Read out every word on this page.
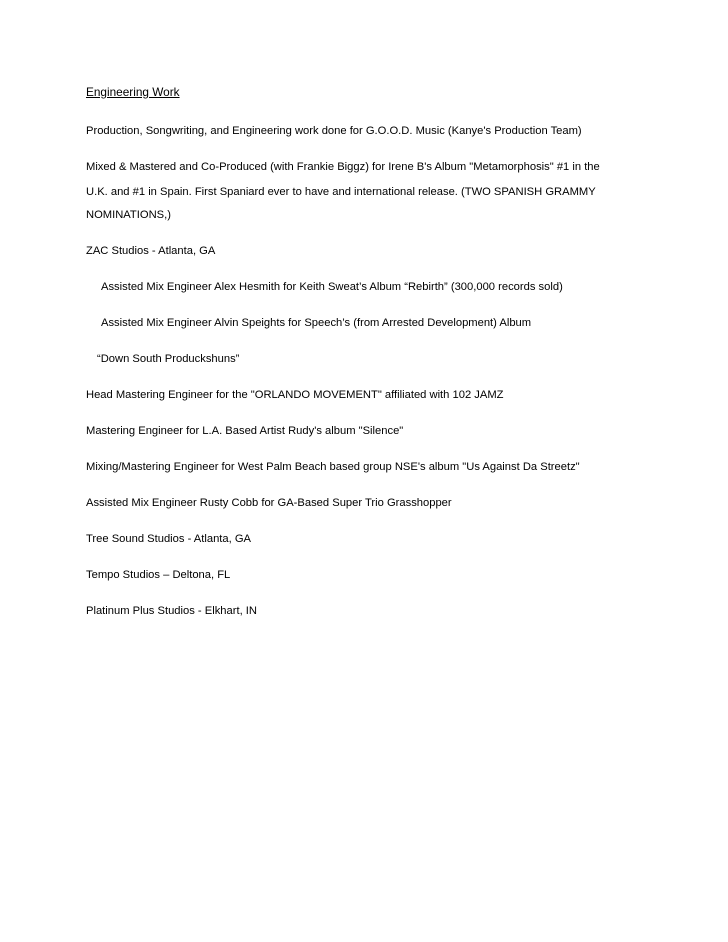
Engineering Work
Production, Songwriting, and Engineering work done for G.O.O.D. Music (Kanye's Production Team)
Mixed & Mastered and Co-Produced (with Frankie Biggz) for Irene B's Album "Metamorphosis" #1 in the
U.K. and #1 in Spain. First Spaniard ever to have and international release. (TWO SPANISH GRAMMY
NOMINATIONS,)
ZAC Studios - Atlanta, GA
Assisted Mix Engineer Alex Hesmith for Keith Sweat’s Album “Rebirth” (300,000 records sold)
Assisted Mix Engineer Alvin Speights for Speech’s (from Arrested Development) Album
“Down South Produckshuns”
Head Mastering Engineer for the "ORLANDO MOVEMENT" affiliated with 102 JAMZ
Mastering Engineer for L.A. Based Artist Rudy's album "Silence"
Mixing/Mastering Engineer for West Palm Beach based group NSE's album "Us Against Da Streetz"
Assisted Mix Engineer Rusty Cobb for GA-Based Super Trio Grasshopper
Tree Sound Studios - Atlanta, GA
Tempo Studios – Deltona, FL
Platinum Plus Studios - Elkhart, IN
